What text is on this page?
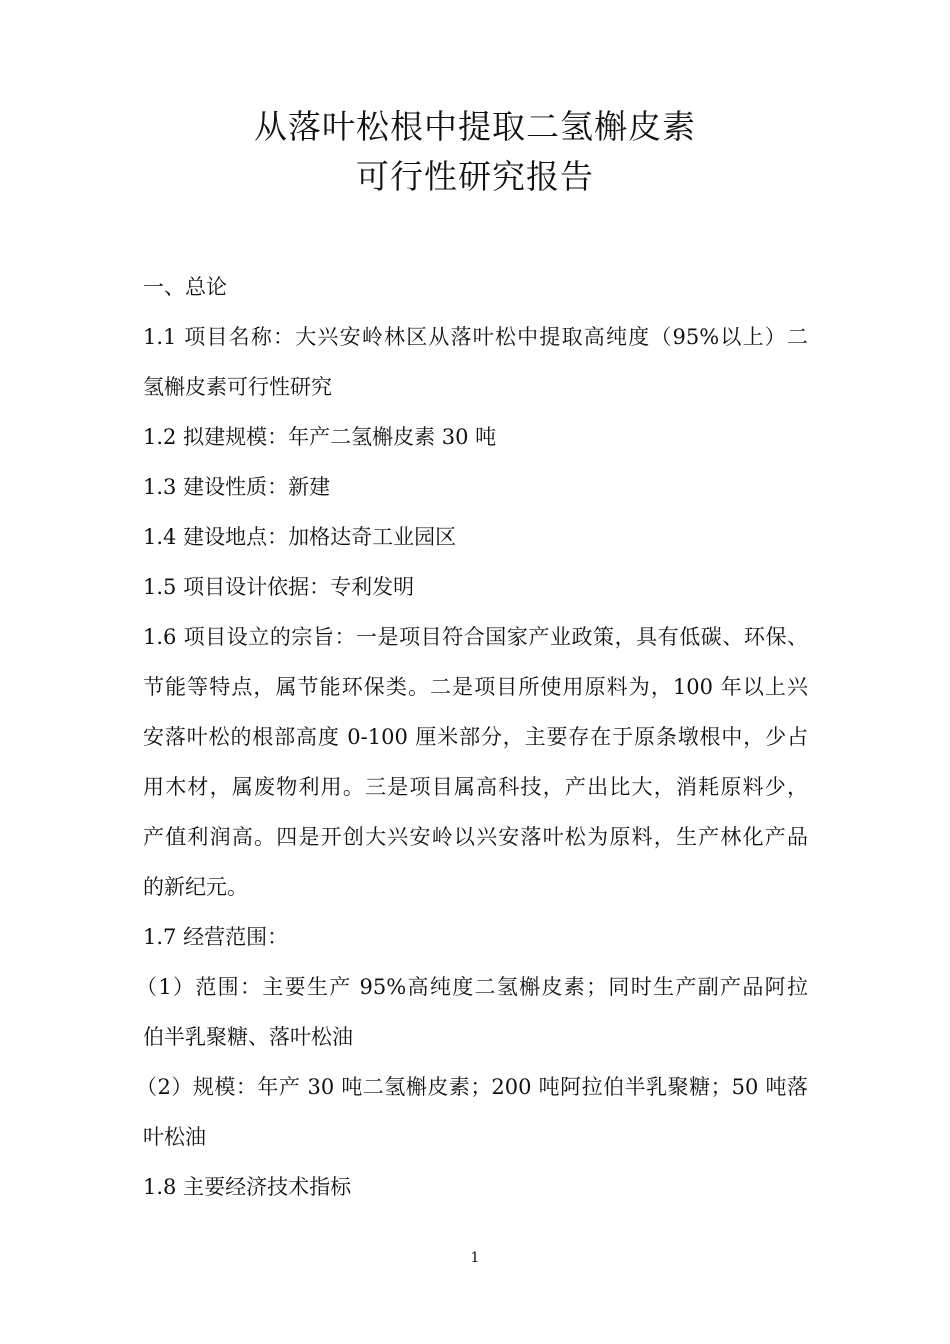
从落叶松根中提取二氢槲皮素
可行性研究报告
一、总论
1.1 项目名称：大兴安岭林区从落叶松中提取高纯度（95%以上）二
氢槲皮素可行性研究
1.2 拟建规模：年产二氢槲皮素 30 吨
1.3 建设性质：新建
1.4 建设地点：加格达奇工业园区
1.5 项目设计依据：专利发明
1.6 项目设立的宗旨：一是项目符合国家产业政策，具有低碳、环保、
节能等特点，属节能环保类。二是项目所使用原料为，100 年以上兴
安落叶松的根部高度 0-100 厘米部分，主要存在于原条墩根中，少占
用木材，属废物利用。三是项目属高科技，产出比大，消耗原料少，
产值利润高。四是开创大兴安岭以兴安落叶松为原料，生产林化产品
的新纪元。
1.7 经营范围：
（1）范围：主要生产 95%高纯度二氢槲皮素；同时生产副产品阿拉
伯半乳聚糖、落叶松油
（2）规模：年产 30 吨二氢槲皮素；200 吨阿拉伯半乳聚糖；50 吨落
叶松油
1.8 主要经济技术指标
1
